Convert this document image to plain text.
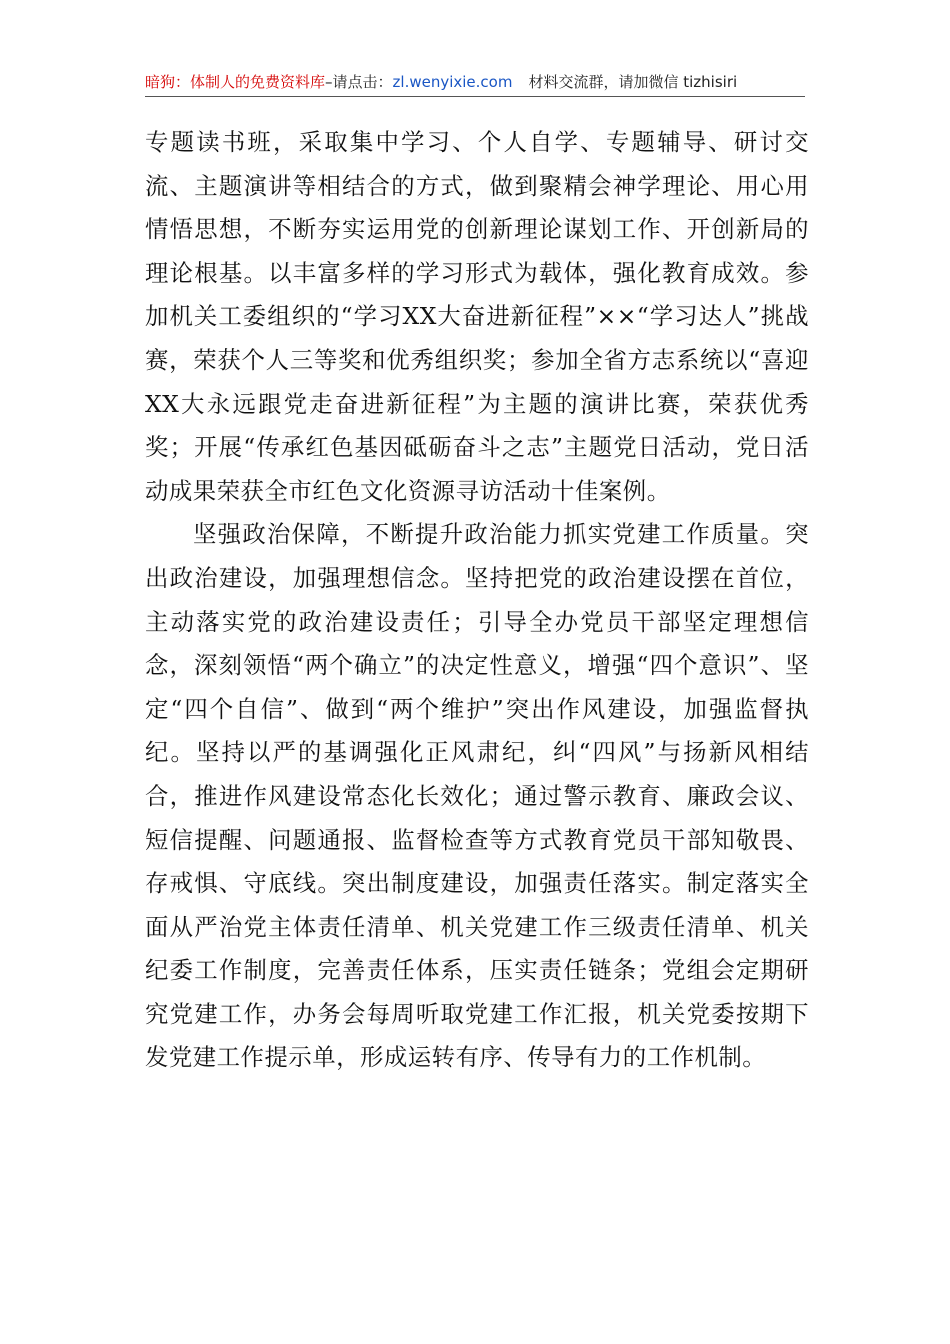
暗狗：体制人的免费资料库–请点击：zl.wenyixie.com 材料交流群，请加微信 tizhisiri

专题读书班，采取集中学习、个人自学、专题辅导、研讨交流、主题演讲等相结合的方式，做到聚精会神学理论、用心用情悟思想，不断夯实运用党的创新理论谋划工作、开创新局的理论根基。以丰富多样的学习形式为载体，强化教育成效。参加机关工委组织的“学习XX大奋进新征程”××“学习达人”挑战赛，荣获个人三等奖和优秀组织奖；参加全省方志系统以“喜迎XX大永远跟党走奋进新征程”为主题的演讲比赛，荣获优秀奖；开展“传承红色基因砥砺奋斗之志”主题党日活动，党日活动成果荣获全市红色文化资源寻访活动十佳案例。

坚强政治保障，不断提升政治能力抓实党建工作质量。突出政治建设，加强理想信念。坚持把党的政治建设摆在首位，主动落实党的政治建设责任；引导全办党员干部坚定理想信念，深刻领悟“两个确立”的决定性意义，增强“四个意识”、坚定“四个自信”、做到“两个维护”突出作风建设，加强监督执纪。坚持以严的基调强化正风肃纪，纠“四风”与扬新风相结合，推进作风建设常态化长效化；通过警示教育、廉政会议、短信提醒、问题通报、监督检查等方式教育党员干部知敬畏、存戒惧、守底线。突出制度建设，加强责任落实。制定落实全面从严治党主体责任清单、机关党建工作三级责任清单、机关纪委工作制度，完善责任体系，压实责任链条；党组会定期研究党建工作，办务会每周听取党建工作汇报，机关党委按期下发党建工作提示单，形成运转有序、传导有力的工作机制。
